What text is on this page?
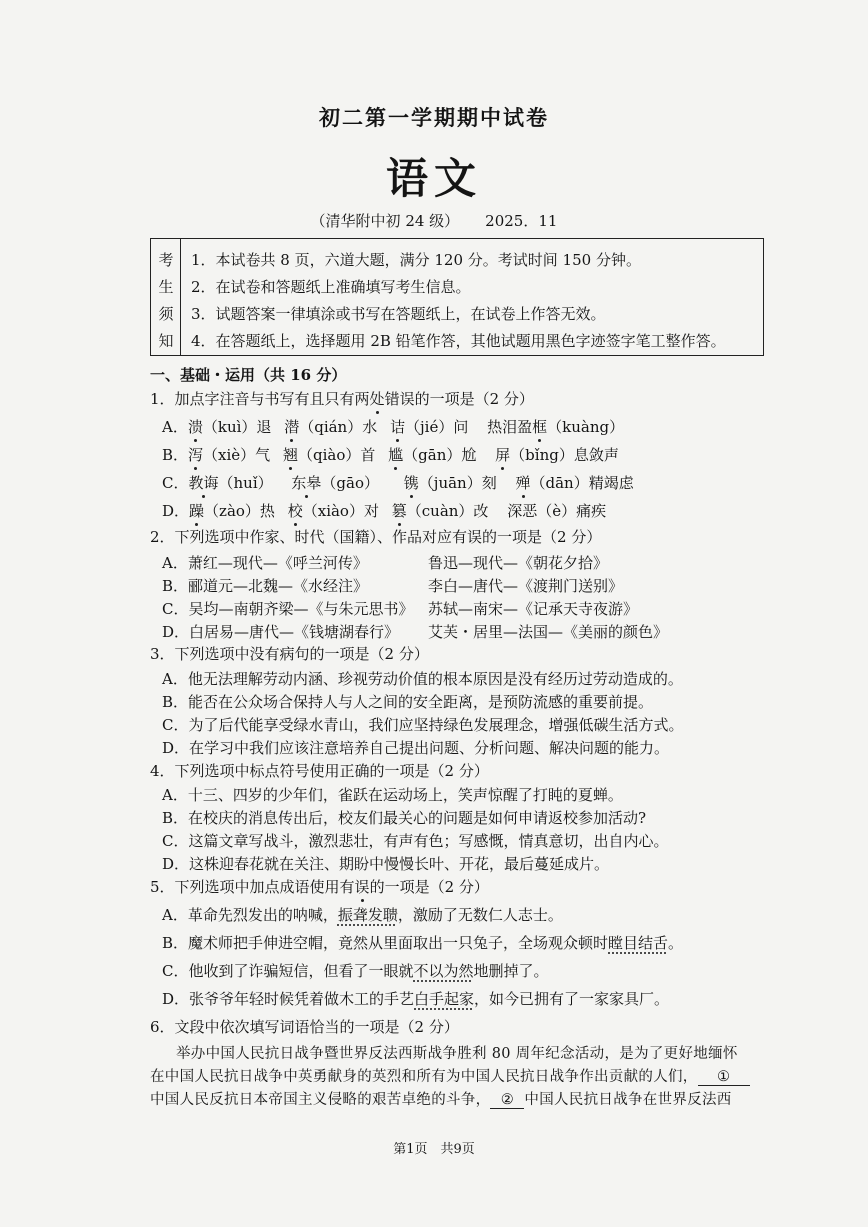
初二第一学期期中试卷
语文
（清华附中初 24 级） 2025．11
考
生
须
知
1．本试卷共 8 页，六道大题，满分 120 分。考试时间 150 分钟。
2．在试卷和答题纸上准确填写考生信息。
3．试题答案一律填涂或书写在答题纸上，在试卷上作答无效。
4．在答题纸上，选择题用 2B 铅笔作答，其他试题用黑色字迹签字笔工整作答。
一、基础・运用（共 16 分）
1．加点字注音与书写有且只有两处错误的一项是（2 分）
A．溃（kuì）退 潜（qián）水 诘（jié）问 热泪盈框（kuàng）
B．泻（xiè）气 翘（qiào）首 尴（gān）尬 屏（bǐng）息敛声
C．教诲（huǐ） 东皋（gāo） 镌（juān）刻 殚（dān）精竭虑
D．躁（zào）热 校（xiào）对 篡（cuàn）改 深恶（è）痛疾
2．下列选项中作家、时代（国籍）、作品对应有误的一项是（2 分）
A．萧红—现代—《呼兰河传》	鲁迅—现代—《朝花夕拾》
B．郦道元—北魏—《水经注》	李白—唐代—《渡荆门送别》
C．吴均—南朝齐梁—《与朱元思书》 苏轼—南宋—《记承天寺夜游》
D．白居易—唐代—《钱塘湖春行》 艾芙・居里—法国—《美丽的颜色》
3．下列选项中没有病句的一项是（2 分）
A．他无法理解劳动内涵、珍视劳动价值的根本原因是没有经历过劳动造成的。
B．能否在公众场合保持人与人之间的安全距离，是预防流感的重要前提。
C．为了后代能享受绿水青山，我们应坚持绿色发展理念，增强低碳生活方式。
D．在学习中我们应该注意培养自己提出问题、分析问题、解决问题的能力。
4．下列选项中标点符号使用正确的一项是（2 分）
A．十三、四岁的少年们，雀跃在运动场上，笑声惊醒了打盹的夏蝉。
B．在校庆的消息传出后，校友们最关心的问题是如何申请返校参加活动?
C．这篇文章写战斗，激烈悲壮，有声有色；写感慨，情真意切，出自内心。
D．这株迎春花就在关注、期盼中慢慢长叶、开花，最后蔓延成片。
5．下列选项中加点成语使用有误的一项是（2 分）
A．革命先烈发出的呐喊，振聋发聩，激励了无数仁人志士。
B．魔术师把手伸进空帽，竟然从里面取出一只兔子，全场观众顿时瞠目结舌。
C．他收到了诈骗短信，但看了一眼就不以为然地删掉了。
D．张爷爷年轻时候凭着做木工的手艺白手起家，如今已拥有了一家家具厂。
6．文段中依次填写词语恰当的一项是（2 分）
举办中国人民抗日战争暨世界反法西斯战争胜利 80 周年纪念活动，是为了更好地缅怀
在中国人民抗日战争中英勇献身的英烈和所有为中国人民抗日战争作出贡献的人们， ①
中国人民反抗日本帝国主义侵略的艰苦卓绝的斗争， ② 中国人民抗日战争在世界反法西
第1页　共9页
